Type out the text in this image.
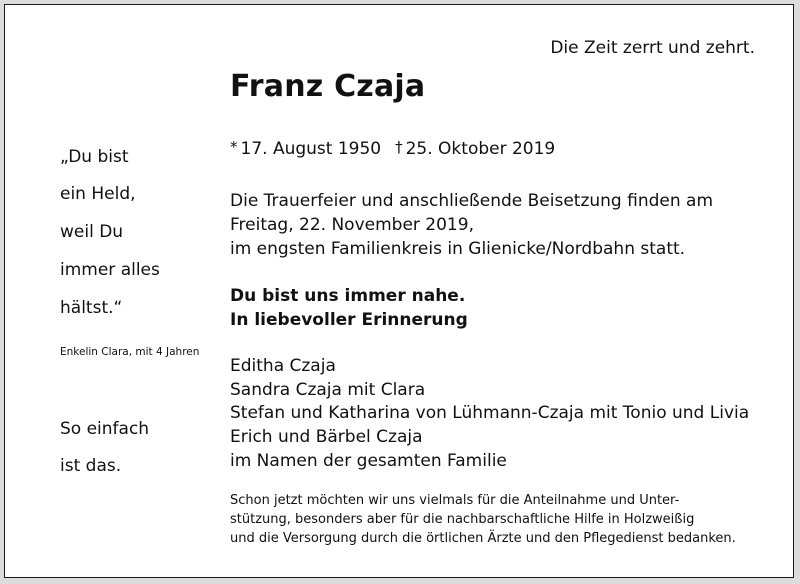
Die Zeit zerrt und zehrt.
Franz Czaja
„Du bist
ein Held,
weil Du
immer alles
hältst.“
Enkelin Clara, mit 4 Jahren
So einfach
ist das.
* 17. August 1950 † 25. Oktober 2019
Die Trauerfeier und anschließende Beisetzung finden am
Freitag, 22. November 2019,
im engsten Familienkreis in Glienicke/Nordbahn statt.
Du bist uns immer nahe.
In liebevoller Erinnerung
Editha Czaja
Sandra Czaja mit Clara
Stefan und Katharina von Lühmann-Czaja mit Tonio und Livia
Erich und Bärbel Czaja
im Namen der gesamten Familie
Schon jetzt möchten wir uns vielmals für die Anteilnahme und Unter-
stützung, besonders aber für die nachbarschaftliche Hilfe in Holzweißig
und die Versorgung durch die örtlichen Ärzte und den Pflegedienst bedanken.
